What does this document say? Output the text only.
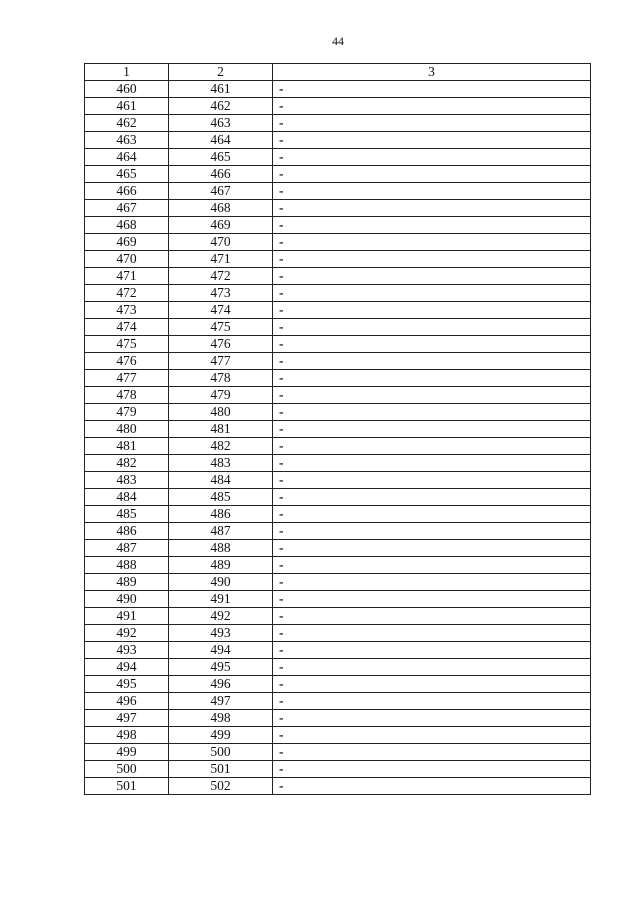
44
1	2	3
460	461	-
461	462	-
462	463	-
463	464	-
464	465	-
465	466	-
466	467	-
467	468	-
468	469	-
469	470	-
470	471	-
471	472	-
472	473	-
473	474	-
474	475	-
475	476	-
476	477	-
477	478	-
478	479	-
479	480	-
480	481	-
481	482	-
482	483	-
483	484	-
484	485	-
485	486	-
486	487	-
487	488	-
488	489	-
489	490	-
490	491	-
491	492	-
492	493	-
493	494	-
494	495	-
495	496	-
496	497	-
497	498	-
498	499	-
499	500	-
500	501	-
501	502	-
